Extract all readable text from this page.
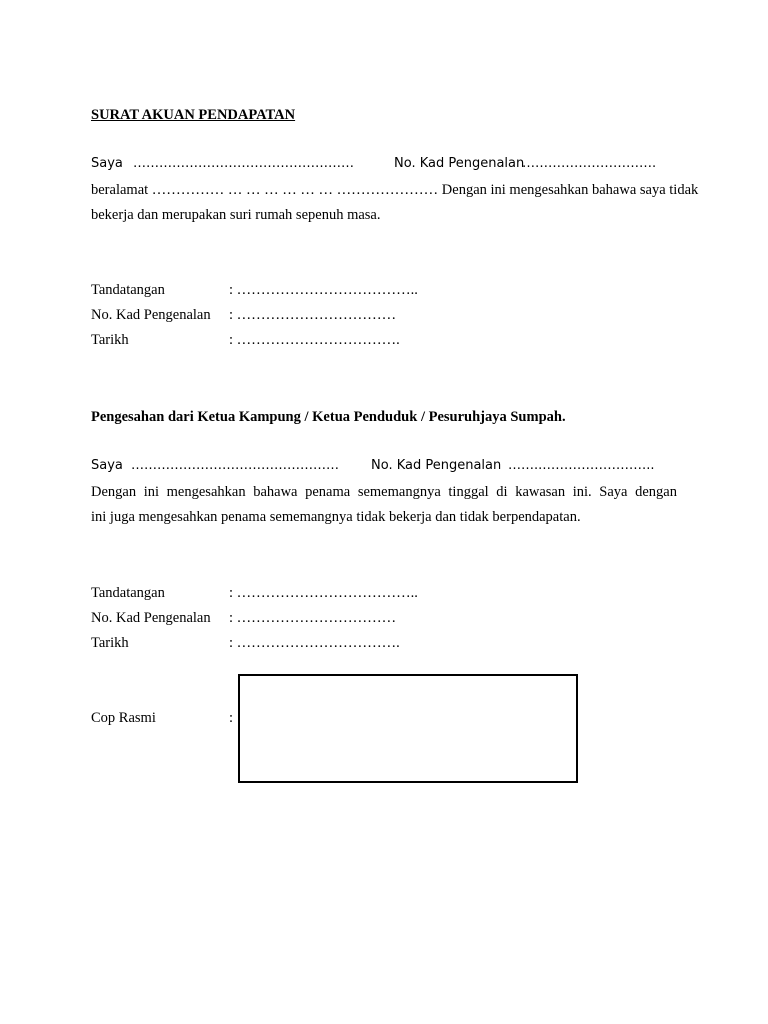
SURAT AKUAN PENDAPATAN
Saya ……………………………………………	No. Kad Pengenalan
………………………….
beralamat …………… … … … … … … ………………… Dengan ini mengesahkan bahawa saya tidak
bekerja dan merupakan suri rumah sepenuh masa.
Tandatangan	: ………………………………..
No. Kad Pengenalan : ……………………………
Tarikh	: …………………………….
Pengesahan dari Ketua Kampung / Ketua Penduduk / Pesuruhjaya Sumpah.
Saya ………………………………………… No. Kad Pengenalan ……..……………………..
Dengan ini mengesahkan bahawa penama sememangnya tinggal di kawasan ini. Saya dengan
ini juga mengesahkan penama sememangnya tidak bekerja dan tidak berpendapatan.
Tandatangan	: ………………………………..
No. Kad Pengenalan : ……………………………
Tarikh	: …………………………….
Cop Rasmi	:
